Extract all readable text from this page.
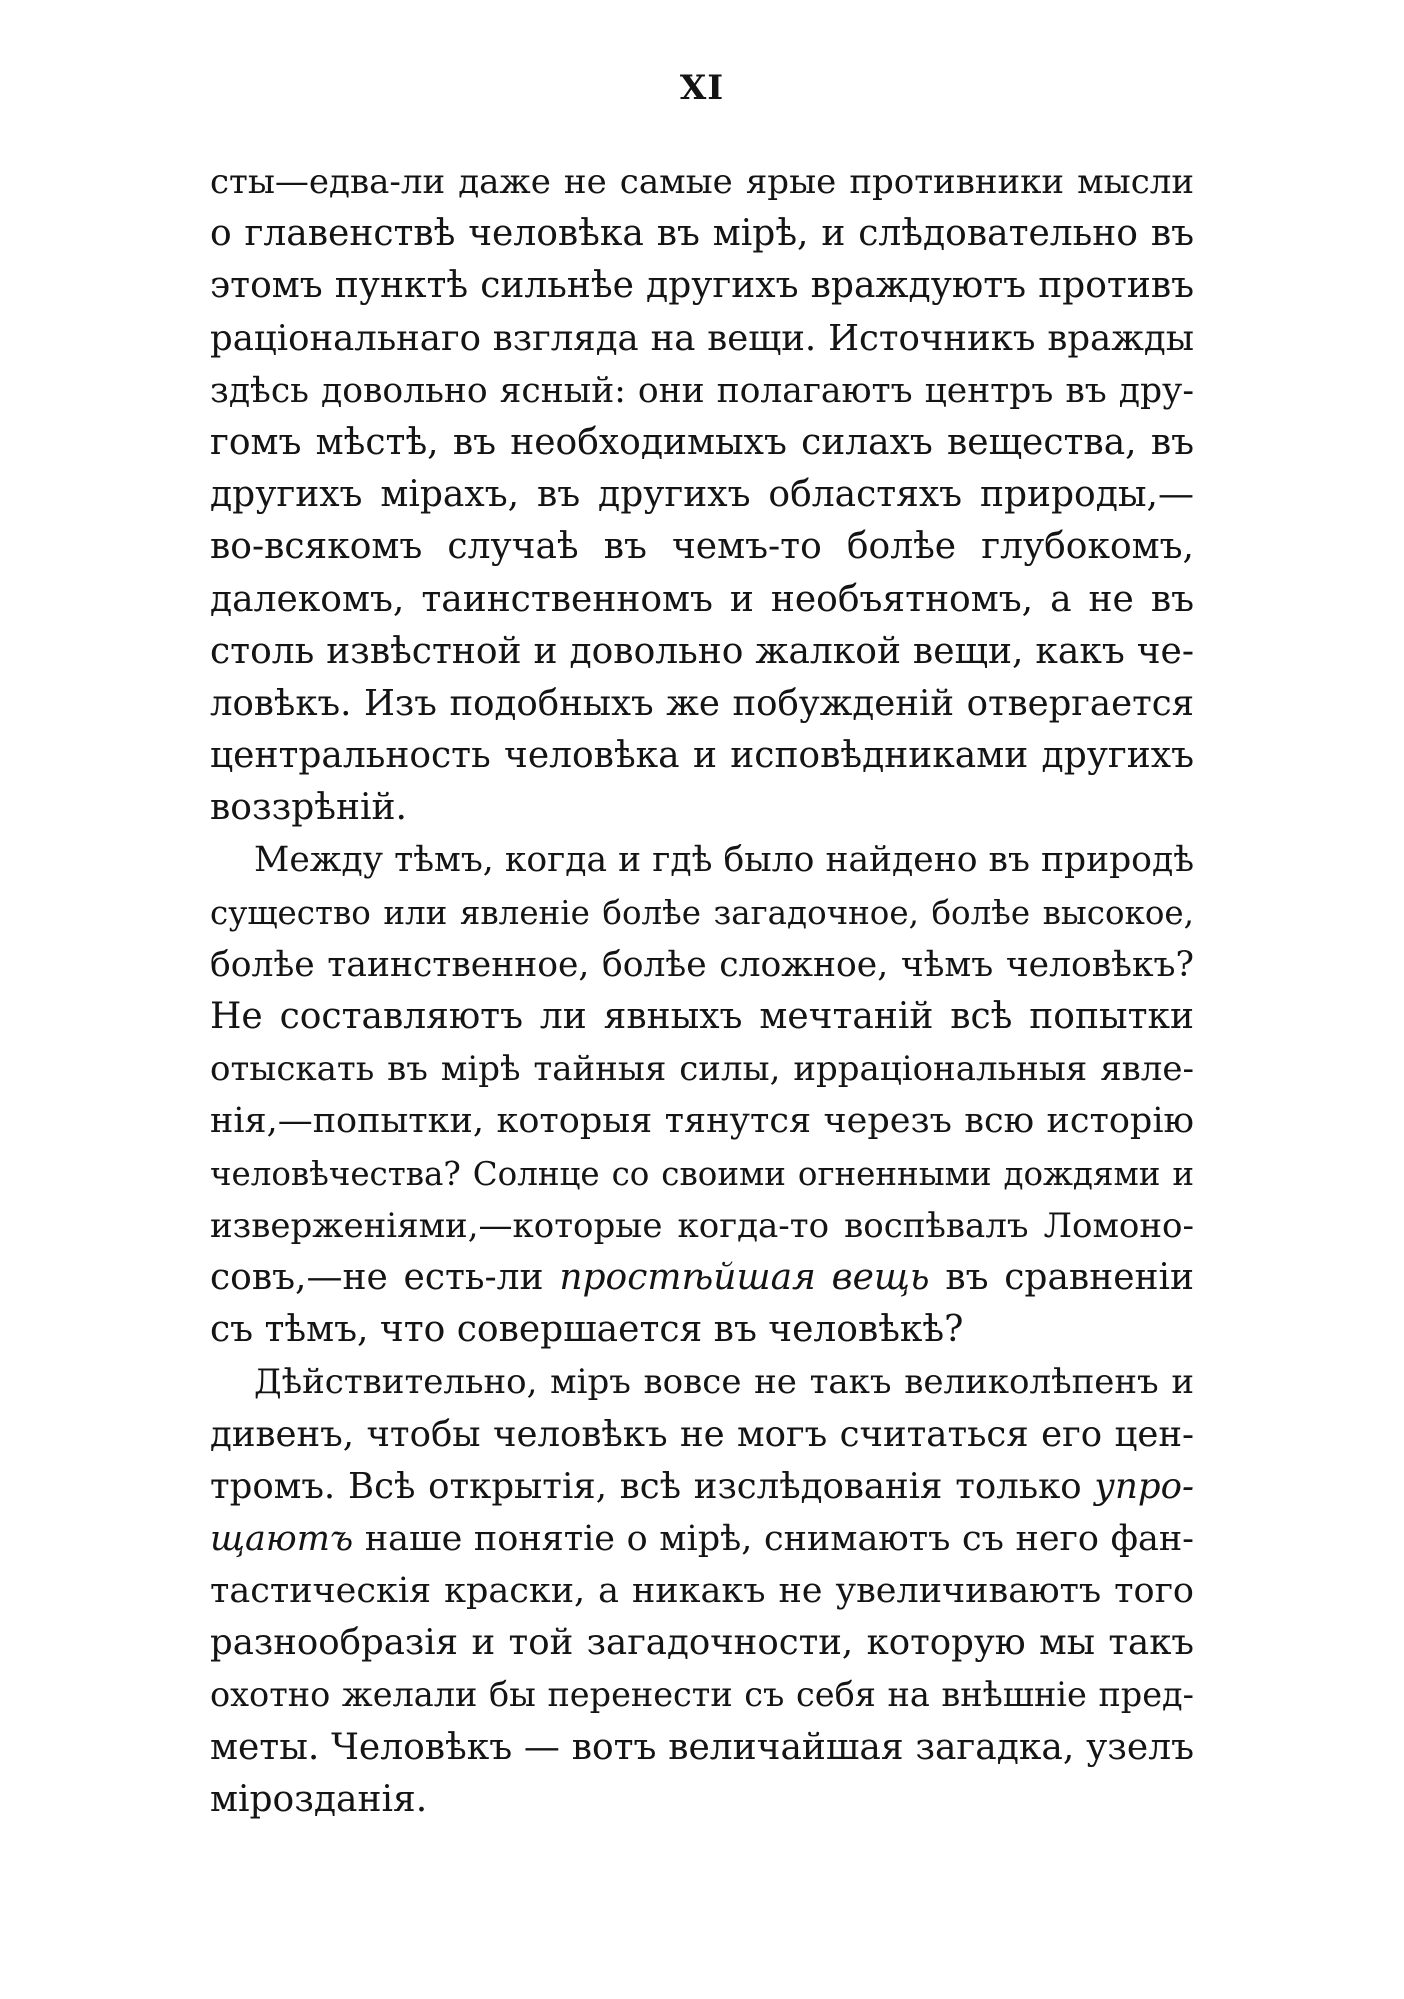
XI
сты—едва-ли даже не самые ярые противники мысли
о главенствѣ человѣка въ мірѣ, и слѣдовательно въ
этомъ пунктѣ сильнѣе другихъ враждуютъ противъ
раціональнаго взгляда на вещи. Источникъ вражды
здѣсь довольно ясный: они полагаютъ центръ въ дру-
гомъ мѣстѣ, въ необходимыхъ силахъ вещества, въ
другихъ мірахъ, въ другихъ областяхъ природы,—
во-всякомъ случаѣ въ чемъ-то болѣе глубокомъ,
далекомъ, таинственномъ и необъятномъ, а не въ
столь извѣстной и довольно жалкой вещи, какъ че-
ловѣкъ. Изъ подобныхъ же побужденій отвергается
центральность человѣка и исповѣдниками другихъ
воззрѣній.
Между тѣмъ, когда и гдѣ было найдено въ природѣ
существо или явленіе болѣе загадочное, болѣе высокое,
болѣе таинственное, болѣе сложное, чѣмъ человѣкъ?
Не составляютъ ли явныхъ мечтаній всѣ попытки
отыскать въ мірѣ тайныя силы, ирраціональныя явле-
нія,—попытки, которыя тянутся черезъ всю исторію
человѣчества? Солнце со своими огненными дождями и
изверженіями,—которые когда-то воспѣвалъ Ломоно-
совъ,—не есть-ли простѣйшая вещь въ сравненіи
съ тѣмъ, что совершается въ человѣкѣ?
Дѣйствительно, міръ вовсе не такъ великолѣпенъ и
дивенъ, чтобы человѣкъ не могъ считаться его цен-
тромъ. Всѣ открытія, всѣ изслѣдованія только упро-
щаютъ наше понятіе о мірѣ, снимаютъ съ него фан-
тастическія краски, а никакъ не увеличиваютъ того
разнообразія и той загадочности, которую мы такъ
охотно желали бы перенести съ себя на внѣшніе пред-
меты. Человѣкъ — вотъ величайшая загадка, узелъ
мірозданія.
